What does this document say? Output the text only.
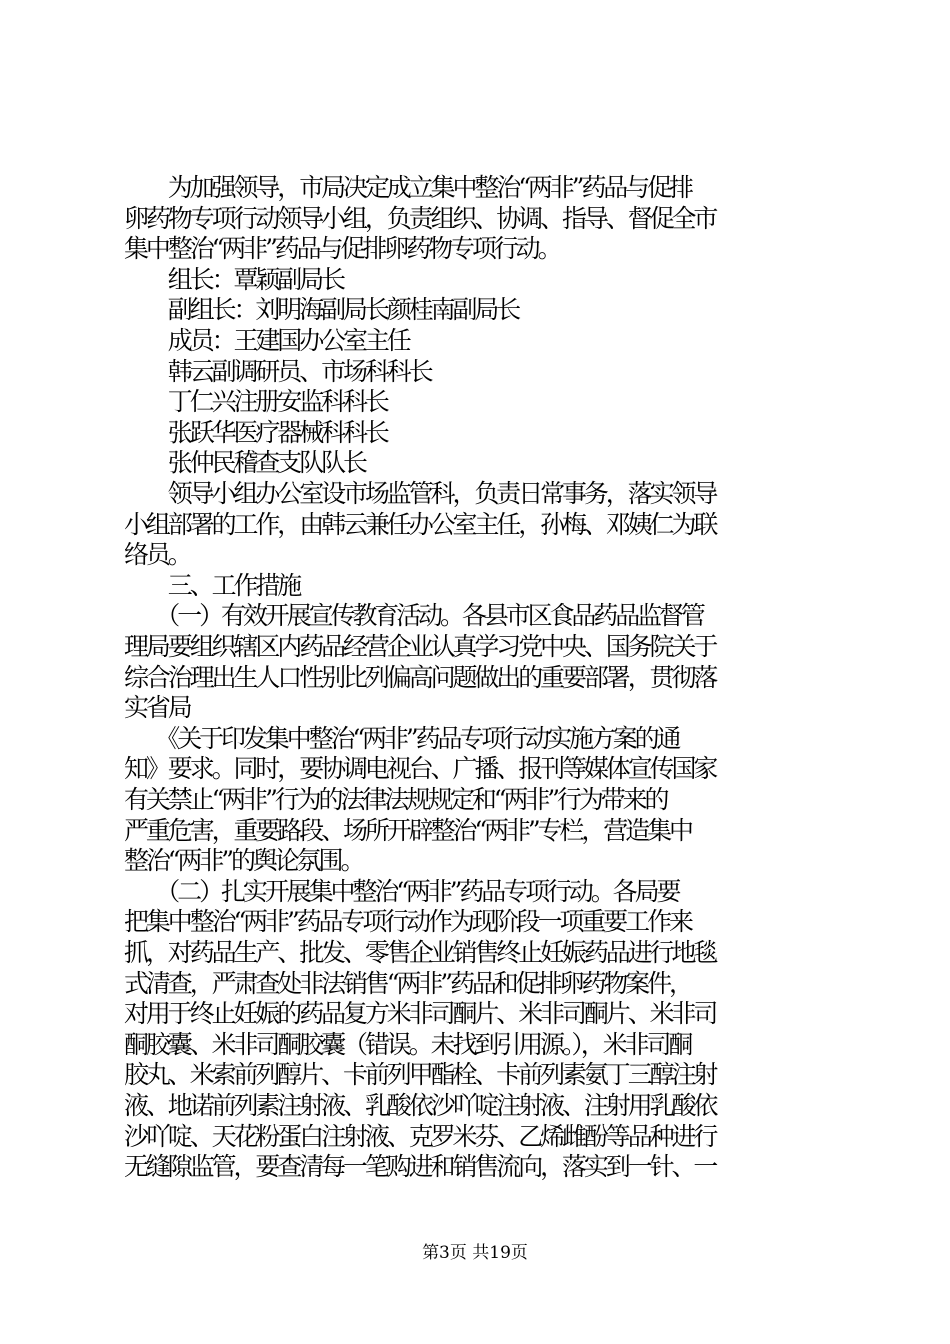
　　为加强领导，市局决定成立集中整治“两非”药品与促排
卵药物专项行动领导小组，负责组织、协调、指导、督促全市
集中整治“两非”药品与促排卵药物专项行动。
　　组长：覃颖副局长
　　副组长：刘明海副局长颜桂南副局长
　　成员：王建国办公室主任
　　韩云副调研员、市场科科长
　　丁仁兴注册安监科科长
　　张跃华医疗器械科科长
　　张仲民稽查支队队长
　　领导小组办公室设市场监管科，负责日常事务，落实领导
小组部署的工作，由韩云兼任办公室主任，孙梅、邓姨仁为联
络员。
　　三、工作措施
　　（一）有效开展宣传教育活动。各县市区食品药品监督管
理局要组织辖区内药品经营企业认真学习党中央、国务院关于
综合治理出生人口性别比列偏高问题做出的重要部署，贯彻落
实省局
　　《关于印发集中整治“两非”药品专项行动实施方案的通
知》要求。同时，要协调电视台、广播、报刊等媒体宣传国家
有关禁止“两非”行为的法律法规规定和“两非”行为带来的
严重危害，重要路段、场所开辟整治“两非”专栏，营造集中
整治“两非”的舆论氛围。
　　（二）扎实开展集中整治“两非”药品专项行动。各局要
把集中整治“两非”药品专项行动作为现阶段一项重要工作来
抓，对药品生产、批发、零售企业销售终止妊娠药品进行地毯
式清查，严肃查处非法销售“两非”药品和促排卵药物案件，
对用于终止妊娠的药品复方米非司酮片、米非司酮片、米非司
酮胶囊、米非司酮胶囊（错误。未找到引用源。），米非司酮
胶丸、米索前列醇片、卡前列甲酯栓、卡前列素氨丁三醇注射
液、地诺前列素注射液、乳酸依沙吖啶注射液、注射用乳酸依
沙吖啶、天花粉蛋白注射液、克罗米芬、乙烯雌酚等品种进行
无缝隙监管，要查清每一笔购进和销售流向，落实到一针、一
第3页 共19页
